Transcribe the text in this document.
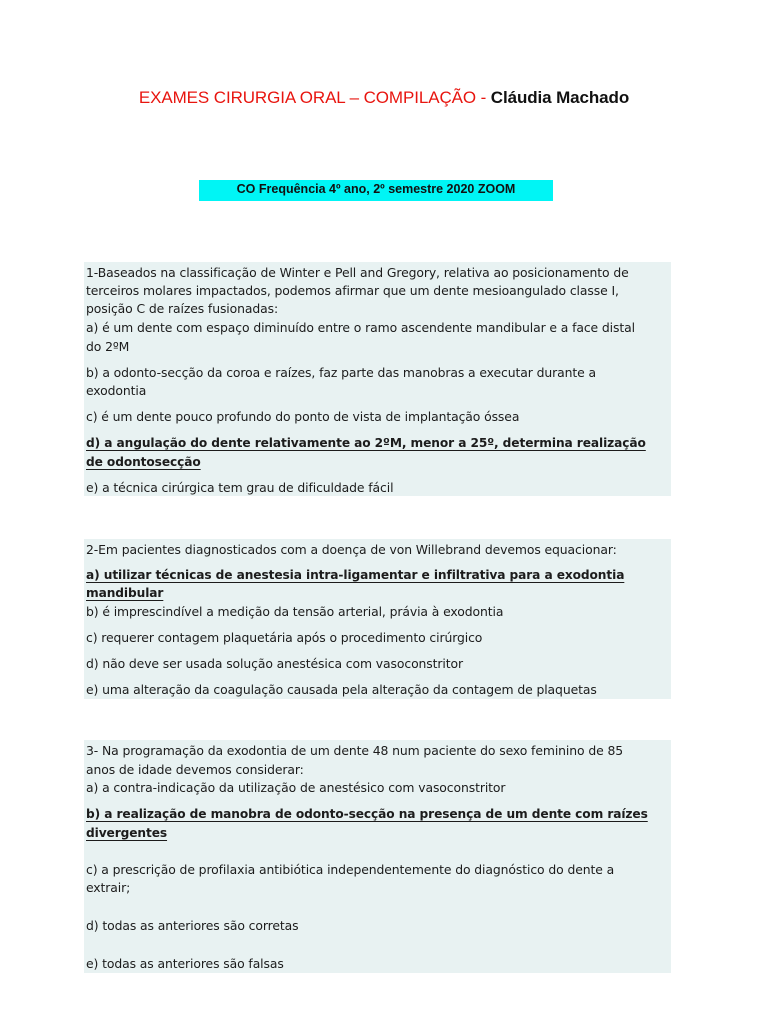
EXAMES CIRURGIA ORAL – COMPILAÇÃO - Cláudia Machado
CO Frequência 4º ano, 2º semestre 2020 ZOOM
1-Baseados na classificação de Winter e Pell and Gregory, relativa ao posicionamento de
terceiros molares impactados, podemos afirmar que um dente mesioangulado classe I,
posição C de raízes fusionadas:
a) é um dente com espaço diminuído entre o ramo ascendente mandibular e a face distal
do 2ºM
b) a odonto-secção da coroa e raízes, faz parte das manobras a executar durante a
exodontia
c) é um dente pouco profundo do ponto de vista de implantação óssea
d) a angulação do dente relativamente ao 2ºM, menor a 25º, determina realização
de odontosecção
e) a técnica cirúrgica tem grau de dificuldade fácil
2-Em pacientes diagnosticados com a doença de von Willebrand devemos equacionar:
a) utilizar técnicas de anestesia intra-ligamentar e infiltrativa para a exodontia
mandibular
b) é imprescindível a medição da tensão arterial, právia à exodontia
c) requerer contagem plaquetária após o procedimento cirúrgico
d) não deve ser usada solução anestésica com vasoconstritor
e) uma alteração da coagulação causada pela alteração da contagem de plaquetas
3- Na programação da exodontia de um dente 48 num paciente do sexo feminino de 85
anos de idade devemos considerar:
a) a contra-indicação da utilização de anestésico com vasoconstritor
b) a realização de manobra de odonto-secção na presença de um dente com raízes
divergentes
c) a prescrição de profilaxia antibiótica independentemente do diagnóstico do dente a
extrair;
d) todas as anteriores são corretas
e) todas as anteriores são falsas
